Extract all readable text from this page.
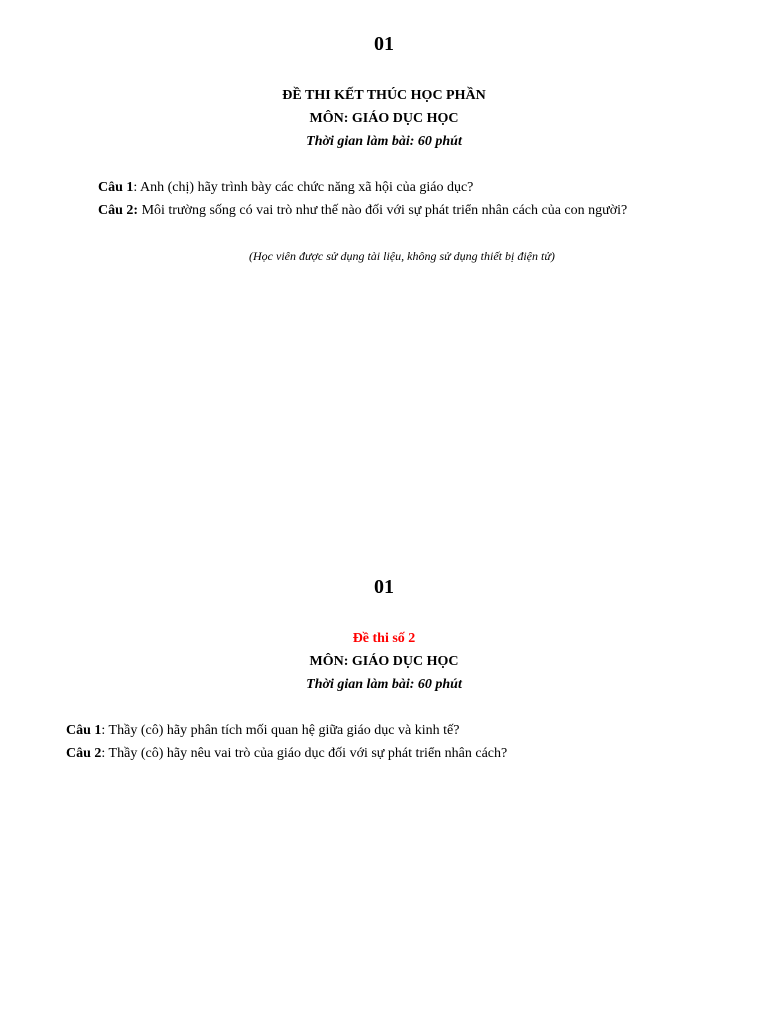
01
ĐỀ THI KẾT THÚC HỌC PHẦN
MÔN: GIÁO DỤC HỌC
Thời gian làm bài: 60 phút
Câu 1: Anh (chị) hãy trình bày các chức năng xã hội của giáo dục?
Câu 2: Môi trường sống có vai trò như thế nào đối với sự phát triển nhân cách của con người?
(Học viên được sử dụng tài liệu, không sử dụng thiết bị điện tử)
01
Đề thi số 2
MÔN: GIÁO DỤC HỌC
Thời gian làm bài: 60 phút
Câu 1: Thầy (cô) hãy phân tích mối quan hệ giữa giáo dục và kinh tế?
Câu 2: Thầy (cô) hãy nêu vai trò của giáo dục đối với sự phát triển nhân cách?
